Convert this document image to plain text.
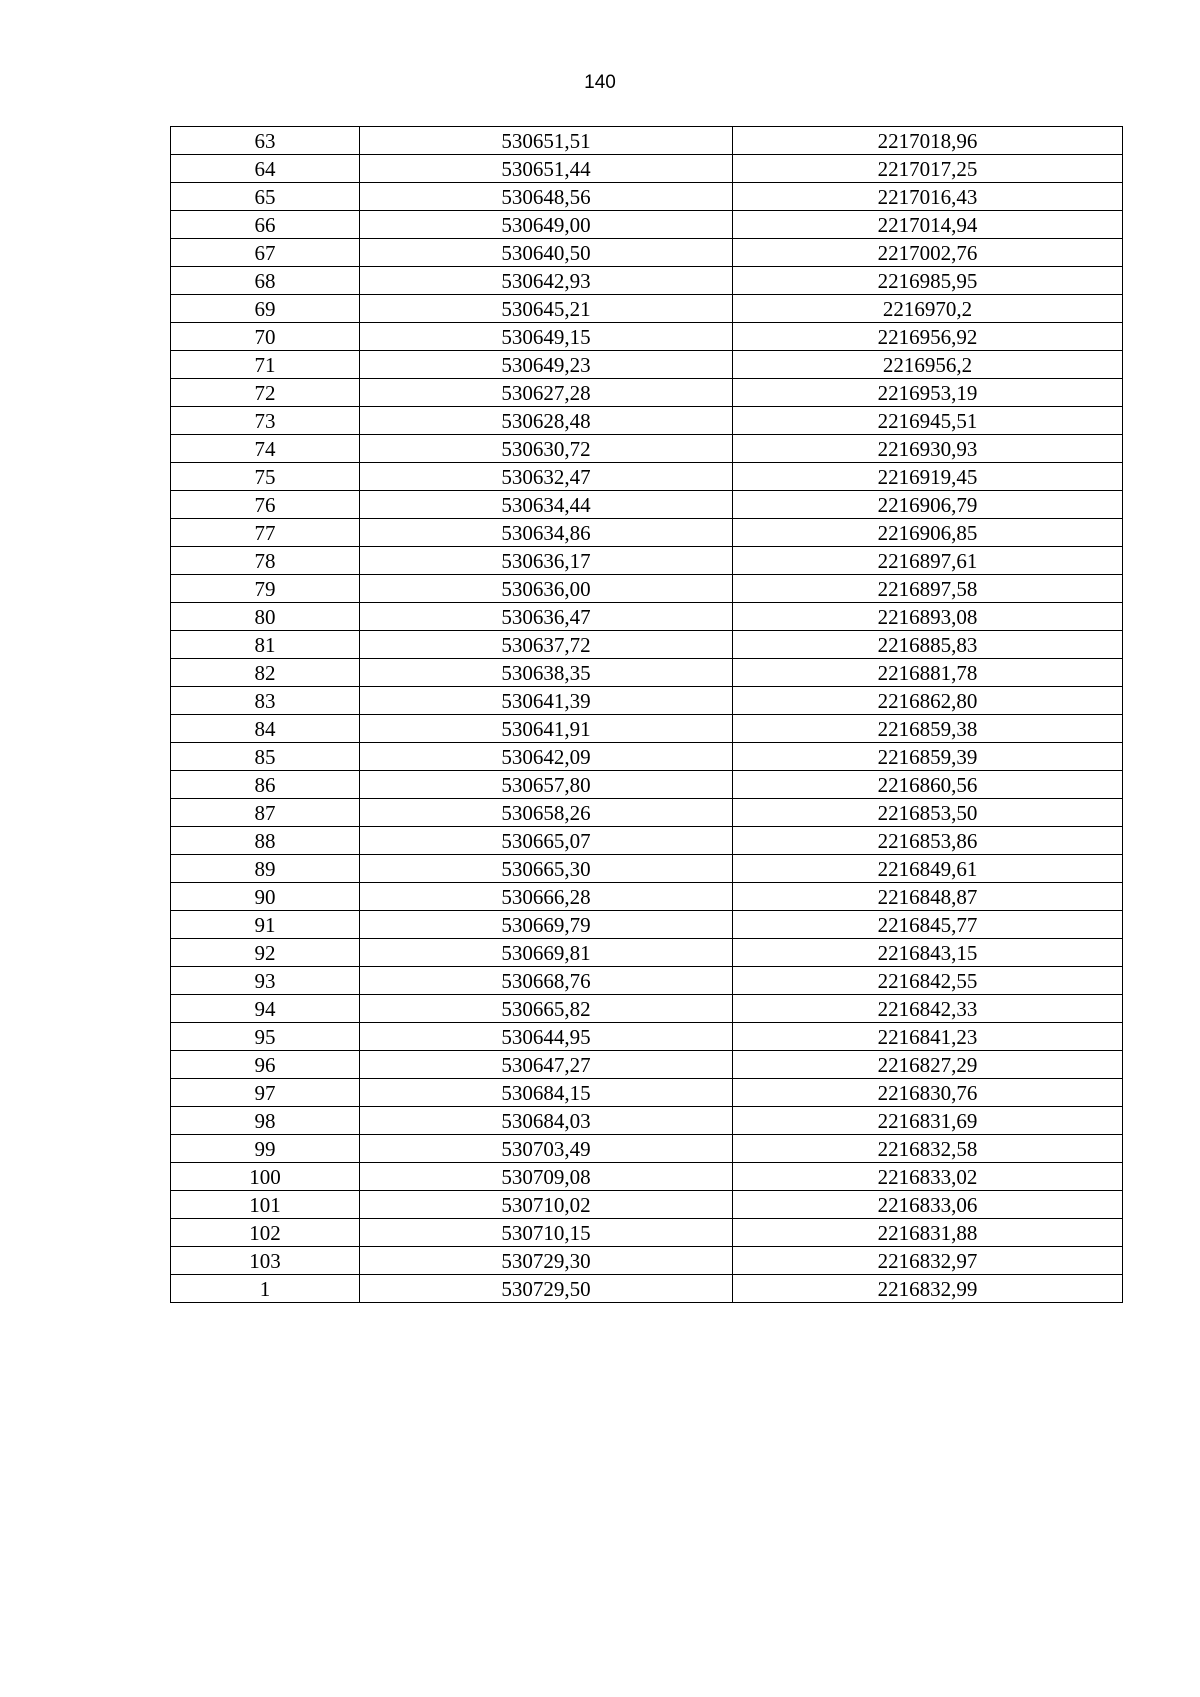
140
63	530651,51	2217018,96
64	530651,44	2217017,25
65	530648,56	2217016,43
66	530649,00	2217014,94
67	530640,50	2217002,76
68	530642,93	2216985,95
69	530645,21	2216970,2
70	530649,15	2216956,92
71	530649,23	2216956,2
72	530627,28	2216953,19
73	530628,48	2216945,51
74	530630,72	2216930,93
75	530632,47	2216919,45
76	530634,44	2216906,79
77	530634,86	2216906,85
78	530636,17	2216897,61
79	530636,00	2216897,58
80	530636,47	2216893,08
81	530637,72	2216885,83
82	530638,35	2216881,78
83	530641,39	2216862,80
84	530641,91	2216859,38
85	530642,09	2216859,39
86	530657,80	2216860,56
87	530658,26	2216853,50
88	530665,07	2216853,86
89	530665,30	2216849,61
90	530666,28	2216848,87
91	530669,79	2216845,77
92	530669,81	2216843,15
93	530668,76	2216842,55
94	530665,82	2216842,33
95	530644,95	2216841,23
96	530647,27	2216827,29
97	530684,15	2216830,76
98	530684,03	2216831,69
99	530703,49	2216832,58
100	530709,08	2216833,02
101	530710,02	2216833,06
102	530710,15	2216831,88
103	530729,30	2216832,97
1	530729,50	2216832,99
